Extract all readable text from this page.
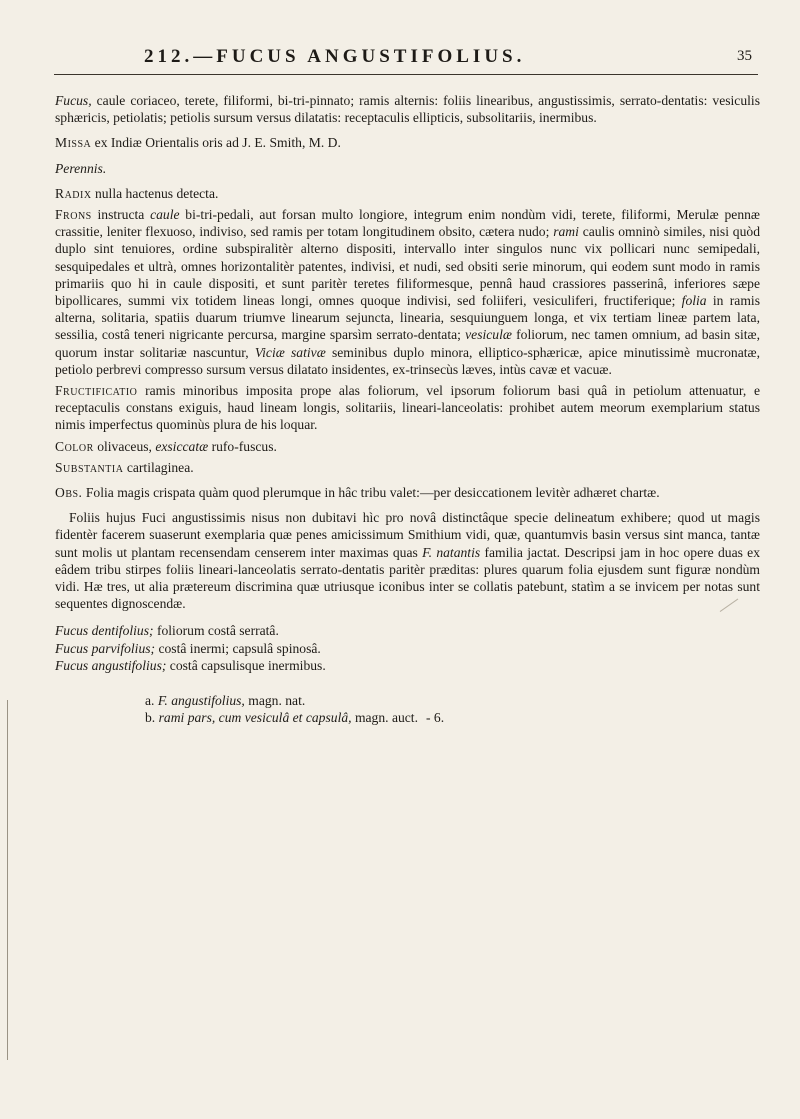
212.—FUCUS ANGUSTIFOLIUS.	35

Fucus, caule coriaceo, terete, filiformi, bi-tri-pinnato; ramis alternis: foliis linearibus, angustissimis, serrato-dentatis: vesiculis sphæricis, petiolatis; petiolis sursum versus dilatatis: receptaculis ellipticis, subsolitariis, inermibus.

Missa ex Indiæ Orientalis oris ad J. E. Smith, M. D.

Perennis.

Radix nulla hactenus detecta.

Frons instructa caule bi-tri-pedali, aut forsan multo longiore, integrum enim nondùm vidi, terete, filiformi, Merulæ pennæ crassitie, leniter flexuoso, indiviso, sed ramis per totam longitudinem obsito, cætera nudo; rami caulis omninò similes, nisi quòd duplo sint tenuiores, ordine subspiralitèr alterno dispositi, intervallo inter singulos nunc vix pollicari nunc semipedali, sesquipedales et ultrà, omnes horizontalitèr patentes, indivisi, et nudi, sed obsiti serie minorum, qui eodem sunt modo in ramis primariis quo hi in caule dispositi, et sunt paritèr teretes filiformesque, pennâ haud crassiores passerinâ, inferiores sæpe bipollicares, summi vix totidem lineas longi, omnes quoque indivisi, sed foliiferi, vesiculiferi, fructiferique; folia in ramis alterna, solitaria, spatiis duarum triumve linearum sejuncta, linearia, sesquiunguem longa, et vix tertiam lineæ partem lata, sessilia, costâ teneri nigricante percursa, margine sparsìm serrato-dentata; vesiculæ foliorum, nec tamen omnium, ad basin sitæ, quorum instar solitariæ nascuntur, Viciæ sativæ seminibus duplo minora, elliptico-sphæricæ, apice minutissimè mucronatæ, petiolo perbrevi compresso sursum versus dilatato insidentes, ex-trinsecùs læves, intùs cavæ et vacuæ.

Fructificatio ramis minoribus imposita prope alas foliorum, vel ipsorum foliorum basi quâ in petiolum attenuatur, e receptaculis constans exiguis, haud lineam longis, solitariis, lineari-lanceolatis: prohibet autem meorum exemplarium status nimis imperfectus quominùs plura de his loquar.

Color olivaceus, exsiccatæ rufo-fuscus.

Substantia cartilaginea.

Obs. Folia magis crispata quàm quod plerumque in hâc tribu valet:—per desiccationem levitèr adhæret chartæ.

Foliis hujus Fuci angustissimis nisus non dubitavi hìc pro novâ distinctâque specie delineatum exhibere; quod ut magis fidentèr facerem suaserunt exemplaria quæ penes amicissimum Smithium vidi, quæ, quantumvis basin versus sint manca, tantæ sunt molis ut plantam recensendam censerem inter maximas quas F. natantis familia jactat. Descripsi jam in hoc opere duas ex eâdem tribu stirpes foliis lineari-lanceolatis serrato-dentatis paritèr præditas: plures quarum folia ejusdem sunt figuræ nondùm vidi. Hæ tres, ut alia prætereum discrimina quæ utriusque iconibus inter se collatis patebunt, statìm a se invicem per notas sunt sequentes dignoscendæ.

Fucus dentifolius; foliorum costâ serratâ.

Fucus parvifolius; costâ inermi; capsulâ spinosâ.

Fucus angustifolius; costâ capsulisque inermibus.

a. F. angustifolius, magn. nat.

b. rami pars, cum vesiculâ et capsulâ, magn. auct. - 6.
